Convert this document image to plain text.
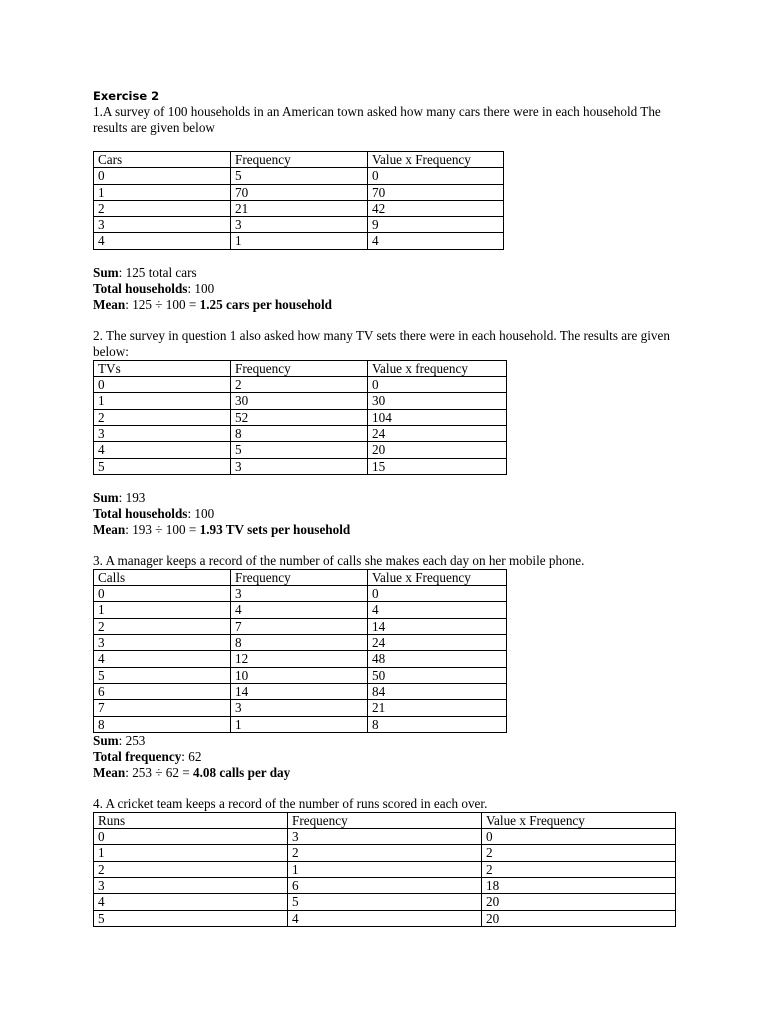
Exercise 2

1.A survey of 100 households in an American town asked how many cars there were in each household The results are given below

Cars	Frequency	Value x Frequency
0	5	0
1	70	70
2	21	42
3	3	9
4	1	4

Sum: 125 total cars

Total households: 100

Mean: 125 ÷ 100 = 1.25 cars per household

2. The survey in question 1 also asked how many TV sets there were in each household. The results are given below:

TVs	Frequency	Value x frequency
0	2	0
1	30	30
2	52	104
3	8	24
4	5	20
5	3	15

Sum: 193

Total households: 100

Mean: 193 ÷ 100 = 1.93 TV sets per household

3. A manager keeps a record of the number of calls she makes each day on her mobile phone.

Calls	Frequency	Value x Frequency
0	3	0
1	4	4
2	7	14
3	8	24
4	12	48
5	10	50
6	14	84
7	3	21
8	1	8

Sum: 253

Total frequency: 62

Mean: 253 ÷ 62 = 4.08 calls per day

4. A cricket team keeps a record of the number of runs scored in each over.

Runs	Frequency	Value x Frequency
0	3	0
1	2	2
2	1	2
3	6	18
4	5	20
5	4	20
